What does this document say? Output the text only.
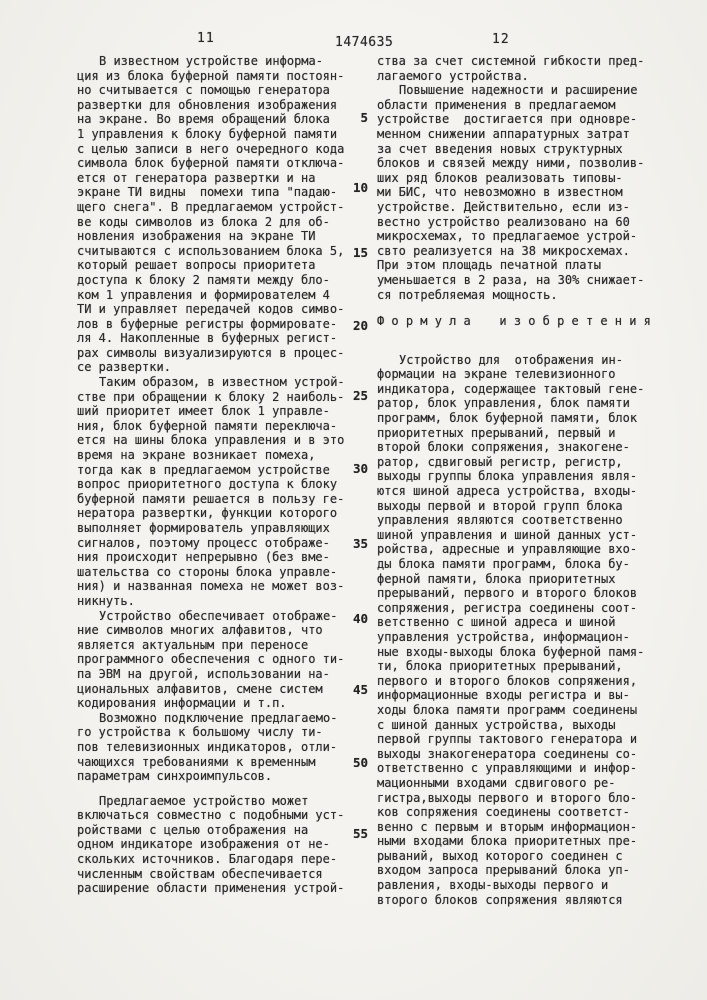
11	1474635	12
5
10
15
20
25
30
35
40
45
50
55

В известном устройстве информа-
ция из блока буферной памяти постоян-
но считывается с помощью генератора
развертки для обновления изображения
на экране. Во время обращений блока
1 управления к блоку буферной памяти
с целью записи в него очередного кода
символа блок буферной памяти отключа-
ется от генератора развертки и на
экране ТИ видны  помехи типа "падаю-
щего снега". В предлагаемом устройст-
ве коды символов из блока 2 для об-
новления изображения на экране ТИ
считываются с использованием блока 5,
который решает вопросы приоритета
доступа к блоку 2 памяти между бло-
ком 1 управления и формирователем 4
ТИ и управляет передачей кодов симво-
лов в буферные регистры формировате-
ля 4. Накопленные в буферных регист-
рах символы визуализируются в процес-
се развертки.

Таким образом, в известном устрой-
стве при обращении к блоку 2 наиболь-
ший приоритет имеет блок 1 управле-
ния, блок буферной памяти переключа-
ется на шины блока управления и в это
время на экране возникает помеха,
тогда как в предлагаемом устройстве
вопрос приоритетного доступа к блоку
буферной памяти решается в пользу ге-
нератора развертки, функции которого
выполняет формирователь управляющих
сигналов, поэтому процесс отображе-
ния происходит непрерывно (без вме-
шательства со стороны блока управле-
ния) и названная помеха не может воз-
никнуть.

Устройство обеспечивает отображе-
ние символов многих алфавитов, что
является актуальным при переносе
программного обеспечения с одного ти-
па ЭВМ на другой, использовании на-
циональных алфавитов, смене систем
кодирования информации и т.п.

Возможно подключение предлагаемо-
го устройства к большому числу ти-
пов телевизионных индикаторов, отли-
чающихся требованиями к временным
параметрам синхроимпульсов.

Предлагаемое устройство может
включаться совместно с подобными уст-
ройствами с целью отображения на
одном индикаторе изображения от не-
скольких источников. Благодаря пере-
численным свойствам обеспечивается
расширение области применения устрой-

ства за счет системной гибкости пред-
лагаемого устройства.

Повышение надежности и расширение
области применения в предлагаемом
устройстве  достигается при одновре-
менном снижении аппаратурных затрат
за счет введения новых структурных
блоков и связей между ними, позволив-
ших ряд блоков реализовать типовы-
ми БИС, что невозможно в известном
устройстве. Действительно, если из-
вестно устройство реализовано на 60
микросхемах, то предлагаемое устрой-
свто реализуется на 38 микросхемах.
При этом площадь печатной платы
уменьшается в 2 раза, на 30% снижает-
ся потребляемая мощность.

Формула изобретения

Устройство для  отображения ин-
формации на экране телевизионного
индикатора, содержащее тактовый гене-
ратор, блок управления, блок памяти
программ, блок буферной памяти, блок
приоритетных прерываний, первый и
второй блоки сопряжения, знакогене-
ратор, сдвиговый регистр, регистр,
выходы группы блока управления явля-
ются шиной адреса устройства, входы-
выходы первой и второй групп блока
управления являются соответственно
шиной управления и шиной данных уст-
ройства, адресные и управляющие вхо-
ды блока памяти программ, блока бу-
ферной памяти, блока приоритетных
прерываний, первого и второго блоков
сопряжения, регистра соединены соот-
ветственно с шиной адреса и шиной
управления устройства, информацион-
ные входы-выходы блока буферной памя-
ти, блока приоритетных прерываний,
первого и второго блоков сопряжения,
информационные входы регистра и вы-
ходы блока памяти программ соединены
с шиной данных устройства, выходы
первой группы тактового генератора и
выходы знакогенератора соединены со-
ответственно с управляющими и инфор-
мационными входами сдвигового ре-
гистра,выходы первого и второго бло-
ков сопряжения соединены соответст-
венно с первым и вторым информацион-
ными входами блока приоритетных пре-
рываний, выход которого соединен с
входом запроса прерываний блока уп-
равления, входы-выходы первого и
второго блоков сопряжения являются
